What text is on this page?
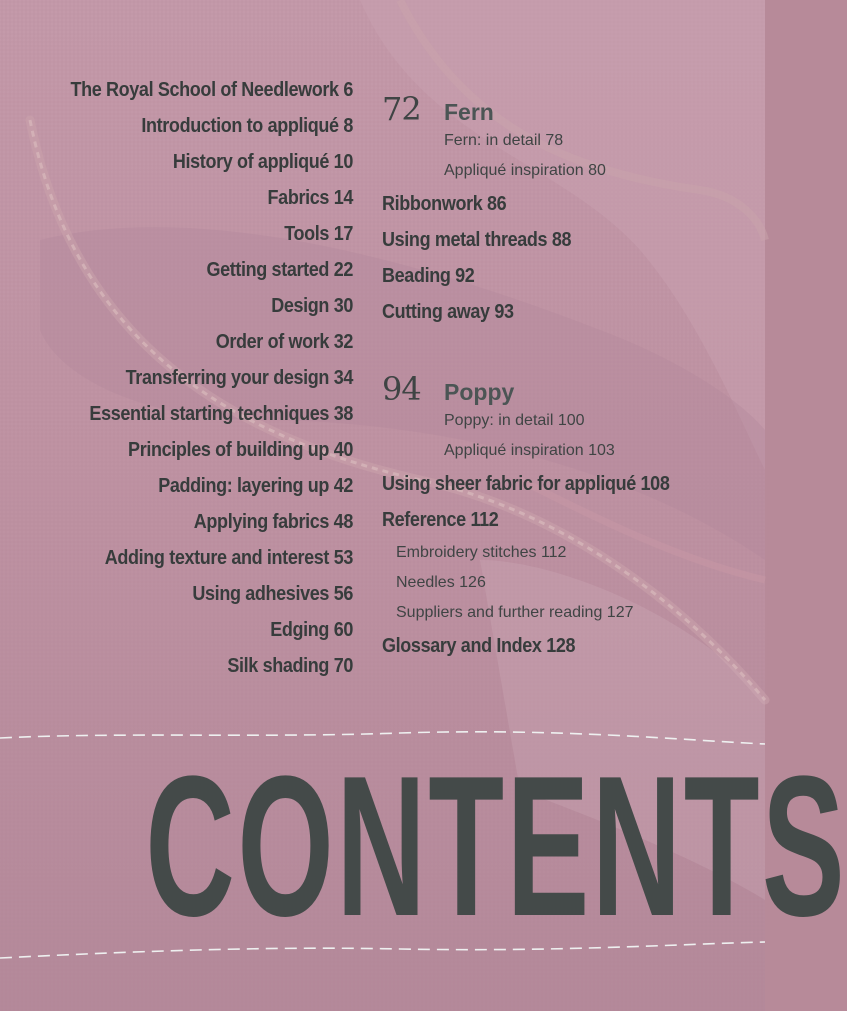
The Royal School of Needlework 6
Introduction to appliqué 8
History of appliqué 10
Fabrics 14
Tools 17
Getting started 22
Design 30
Order of work 32
Transferring your design 34
Essential starting techniques 38
Principles of building up 40
Padding: layering up 42
Applying fabrics 48
Adding texture and interest 53
Using adhesives 56
Edging 60
Silk shading 70
72	Fern
Fern: in detail 78
Appliqué inspiration 80
Ribbonwork 86
Using metal threads 88
Beading 92
Cutting away 93
94	Poppy
Poppy: in detail 100
Appliqué inspiration 103
Using sheer fabric for appliqué 108
Reference 112
Embroidery stitches 112
Needles 126
Suppliers and further reading 127
Glossary and Index 128
CONTENTS
